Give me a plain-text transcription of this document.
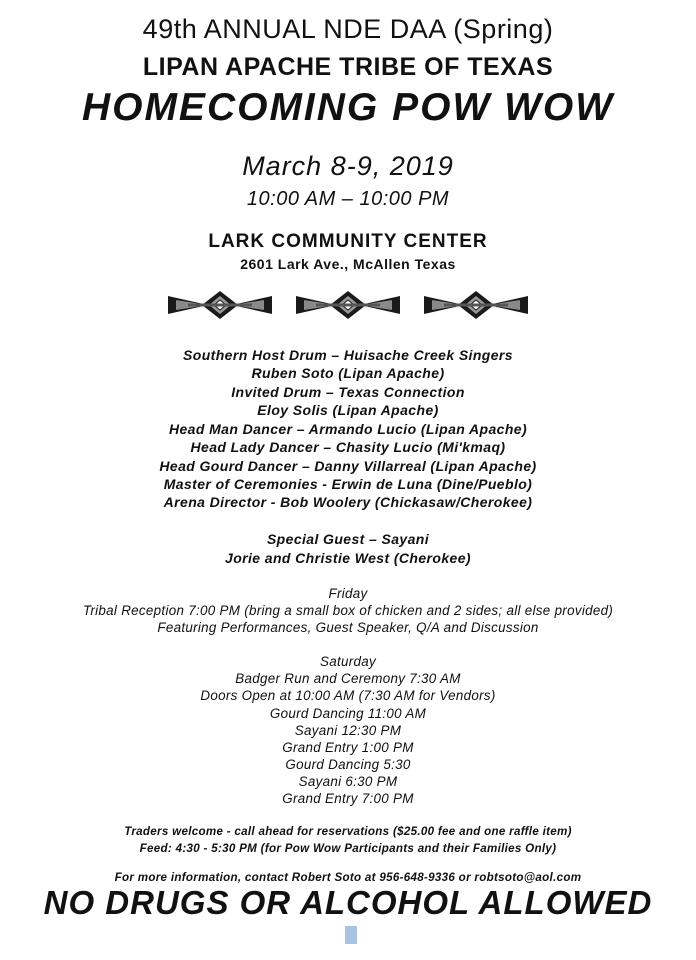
49th ANNUAL NDE DAA (Spring)
LIPAN APACHE TRIBE OF TEXAS
HOMECOMING POW WOW
March 8-9, 2019
10:00 AM – 10:00 PM
LARK COMMUNITY CENTER
2601 Lark Ave., McAllen Texas
Southern Host Drum – Huisache Creek Singers
Ruben Soto (Lipan Apache)
Invited Drum – Texas Connection
Eloy Solis (Lipan Apache)
Head Man Dancer – Armando Lucio (Lipan Apache)
Head Lady Dancer – Chasity Lucio (Mi'kmaq)
Head Gourd Dancer – Danny Villarreal (Lipan Apache)
Master of Ceremonies - Erwin de Luna (Dine/Pueblo)
Arena Director - Bob Woolery (Chickasaw/Cherokee)
Special Guest – Sayani
Jorie and Christie West (Cherokee)
Friday
Tribal Reception 7:00 PM (bring a small box of chicken and 2 sides; all else provided)
Featuring Performances, Guest Speaker, Q/A and Discussion
Saturday
Badger Run and Ceremony 7:30 AM
Doors Open at 10:00 AM (7:30 AM for Vendors)
Gourd Dancing 11:00 AM
Sayani 12:30 PM
Grand Entry 1:00 PM
Gourd Dancing 5:30
Sayani 6:30 PM
Grand Entry 7:00 PM
Traders welcome - call ahead for reservations ($25.00 fee and one raffle item)
Feed: 4:30 - 5:30 PM (for Pow Wow Participants and their Families Only)
For more information, contact Robert Soto at 956-648-9336 or robtsoto@aol.com
NO DRUGS OR ALCOHOL ALLOWED
